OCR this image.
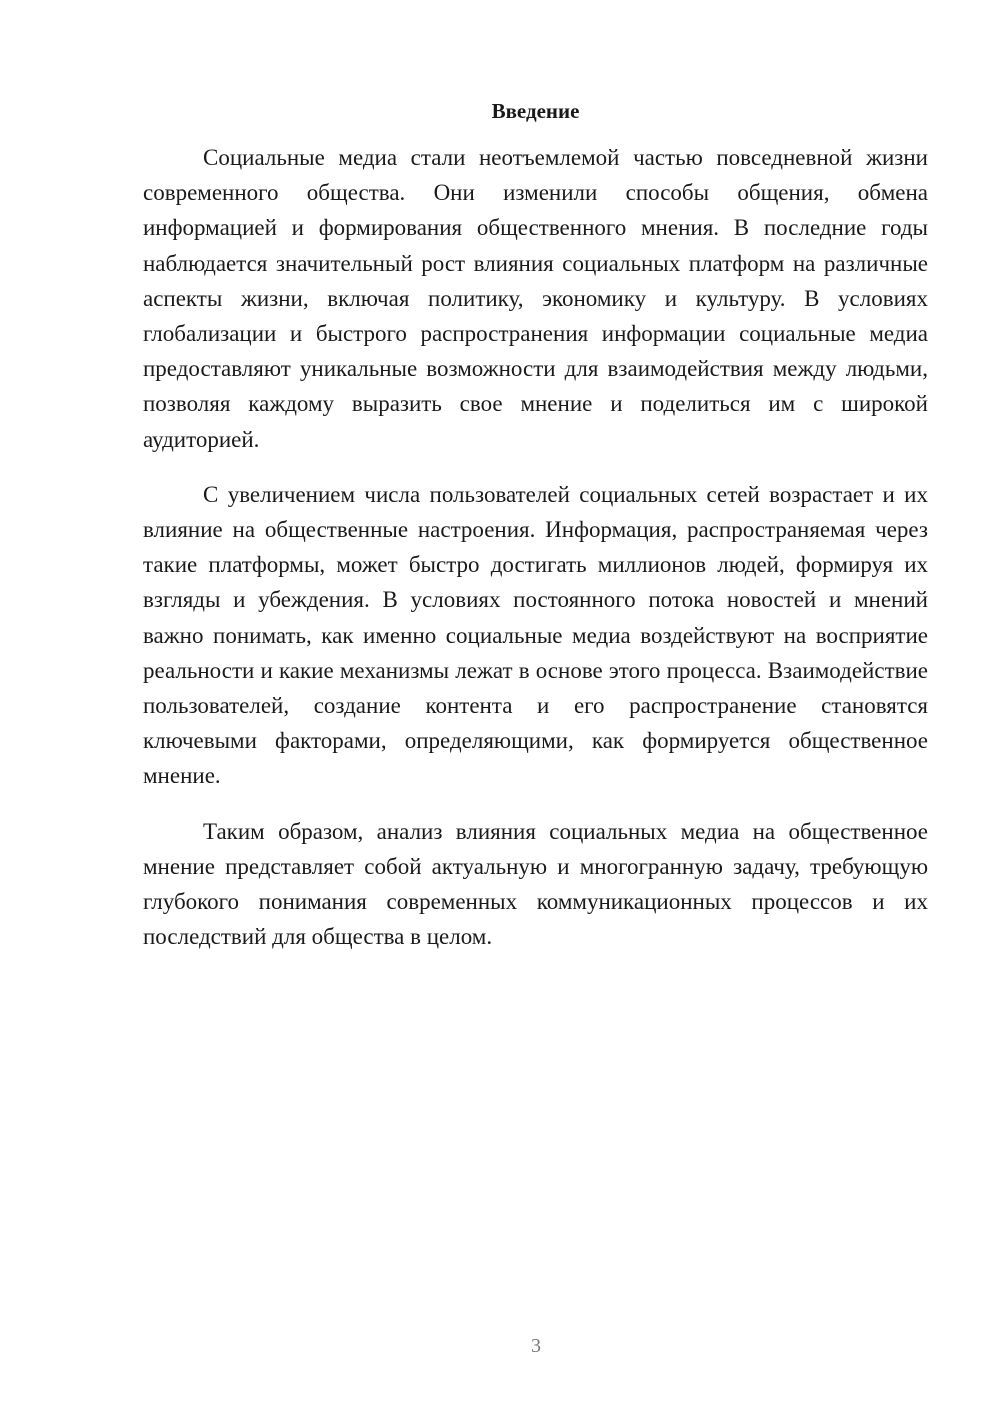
Введение

Социальные медиа стали неотъемлемой частью повседневной жизни современного общества. Они изменили способы общения, обмена информацией и формирования общественного мнения. В последние годы наблюдается значительный рост влияния социальных платформ на различные аспекты жизни, включая политику, экономику и культуру. В условиях глобализации и быстрого распространения информации социальные медиа предоставляют уникальные возможности для взаимодействия между людьми, позволяя каждому выразить свое мнение и поделиться им с широкой аудиторией.

С увеличением числа пользователей социальных сетей возрастает и их влияние на общественные настроения. Информация, распространяемая через такие платформы, может быстро достигать миллионов людей, формируя их взгляды и убеждения. В условиях постоянного потока новостей и мнений важно понимать, как именно социальные медиа воздействуют на восприятие реальности и какие механизмы лежат в основе этого процесса. Взаимодействие пользователей, создание контента и его распространение становятся ключевыми факторами, определяющими, как формируется общественное мнение.

Таким образом, анализ влияния социальных медиа на общественное мнение представляет собой актуальную и многогранную задачу, требующую глубокого понимания современных коммуникационных процессов и их последствий для общества в целом.

3
